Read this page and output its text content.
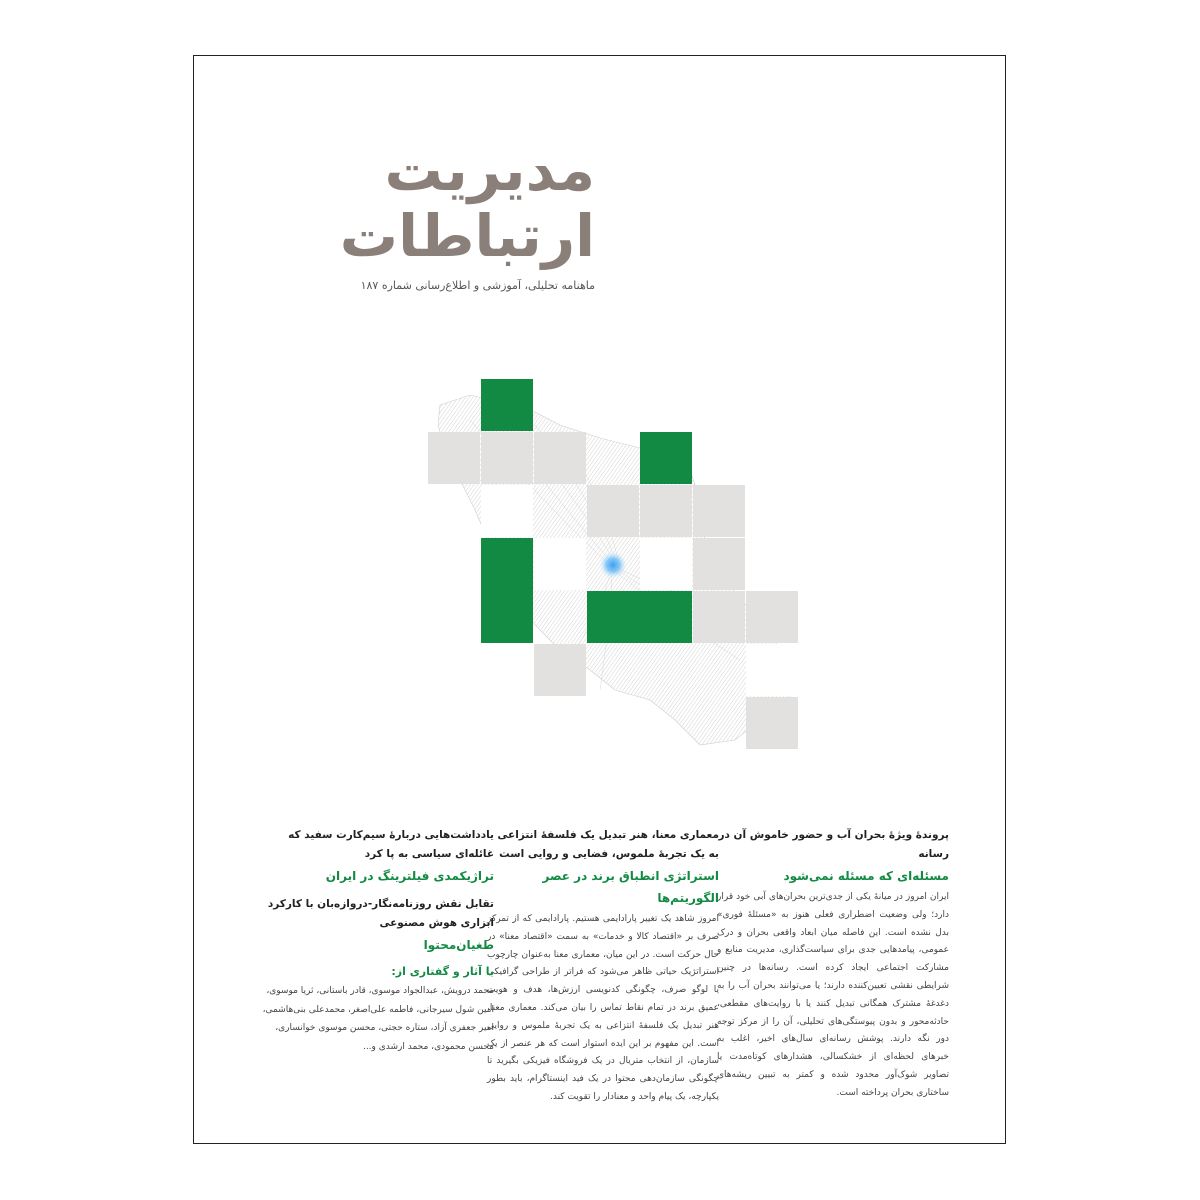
مدیریت
ارتباطات
ماهنامه تحلیلی، آموزشی و اطلاع‌رسانی شماره ۱۸۷
پروندهٔ ویژهٔ بحران آب و حضور خاموش آن در رسانه
مسئله‌ای که مسئله نمی‌شود
ایران امروز در میانهٔ یکی از جدی‌ترین بحران‌های آبی خود قرار دارد؛ ولی وضعیت اضطراری فعلی هنوز به «مسئلهٔ فوری» بدل نشده است. این فاصله میان ابعاد واقعی بحران و درک عمومی، پیامدهایی جدی برای سیاست‌گذاری، مدیریت منابع و مشارکت اجتماعی ایجاد کرده است. رسانه‌ها در چنین شرایطی نقشی تعیین‌کننده دارند؛ یا می‌توانند بحران آب را به دغدغهٔ مشترک همگانی تبدیل کنند یا با روایت‌های مقطعی، حادثه‌محور و بدون پیوستگی‌های تحلیلی، آن را از مرکز توجه دور نگه دارند. پوشش رسانه‌ای سال‌های اخیر، اغلب به خبرهای لحظه‌ای از خشکسالی، هشدارهای کوتاه‌مدت یا تصاویر شوک‌آور محدود شده و کمتر به تبیین ریشه‌های ساختاری بحران پرداخته است.
معماری معنا، هنر تبدیل یک فلسفهٔ انتزاعی به یک تجربهٔ ملموس، فضایی و روایی است
استراتژی انطباق برند در عصر الگوریتم‌ها
امروز شاهد یک تغییر پارادایمی هستیم. پارادایمی که از تمرکز صرف بر «اقتصاد کالا و خدمات» به سمت «اقتصاد معنا» در حال حرکت است. در این میان، معماری معنا به‌عنوان چارچوب استراتژیک حیاتی ظاهر می‌شود که فراتر از طراحی گرافیکی یا لوگو صرف، چگونگی کدنویسی ارزش‌ها، هدف و هویت عمیق برند در تمام نقاط تماس را بیان می‌کند. معماری معنا، هنر تبدیل یک فلسفهٔ انتزاعی به یک تجربهٔ ملموس و روایی است. این مفهوم بر این ایده استوار است که هر عنصر از یک سازمان، از انتخاب متریال در یک فروشگاه فیزیکی بگیرید تا چگونگی سازمان‌دهی محتوا در یک فید اینستاگرام، باید بطور یکپارچه، یک پیام واحد و معنادار را تقویت کند.
یادداشت‌هایی دربارهٔ سیم‌کارت سفید که غائله‌ای سیاسی به پا کرد
تراژیکمدی فیلترینگ در ایران
تقابل نقش روزنامه‌نگار-دروازه‌بان با کارکرد ابزاری هوش مصنوعی
طغیان‌محتوا
با آثار و گفتاری از:
محمد درویش، عبدالجواد موسوی، قادر باستانی، ثریا موسوی، امین شول سیرجانی، فاطمه علی‌اصغر، محمدعلی بنی‌هاشمی، امیر جعفری آزاد، ستاره حجتی، محسن موسوی خوانساری، محسن محمودی، محمد ارشدی و...
